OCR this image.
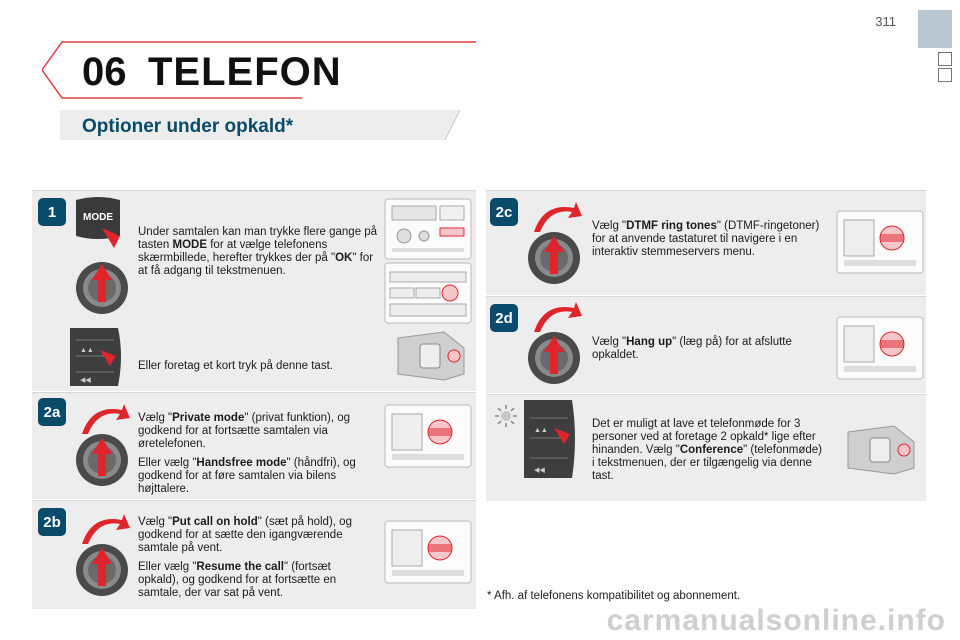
311
06 TELEFON
Optioner under opkald*
1
2a
2b
2c
2d
MODE
▲▲
◀◀
▲▲
◀◀

Under samtalen kan man trykke flere gange på tasten MODE for at vælge telefonens skærmbillede, herefter trykkes der på "OK" for at få adgang til tekstmenuen.

Eller foretag et kort tryk på denne tast.

Vælg "Private mode" (privat funktion), og godkend for at fortsætte samtalen via øretelefonen.

Eller vælg "Handsfree mode" (håndfri), og godkend for at føre samtalen via bilens højttalere.

Vælg "Put call on hold" (sæt på hold), og godkend for at sætte den igangværende samtale på vent.

Eller vælg "Resume the call" (fortsæt opkald), og godkend for at fortsætte en samtale, der var sat på vent.

Vælg "DTMF ring tones" (DTMF-ringetoner) for at anvende tastaturet til navigere i en interaktiv stemmeservers menu.

Vælg "Hang up" (læg på) for at afslutte opkaldet.

Det er muligt at lave et telefonmøde for 3 personer ved at foretage 2 opkald* lige efter hinanden. Vælg "Conference" (telefonmøde) i tekstmenuen, der er tilgængelig via denne tast.

* Afh. af telefonens kompatibilitet og abonnement.
carmanualsonline.info
